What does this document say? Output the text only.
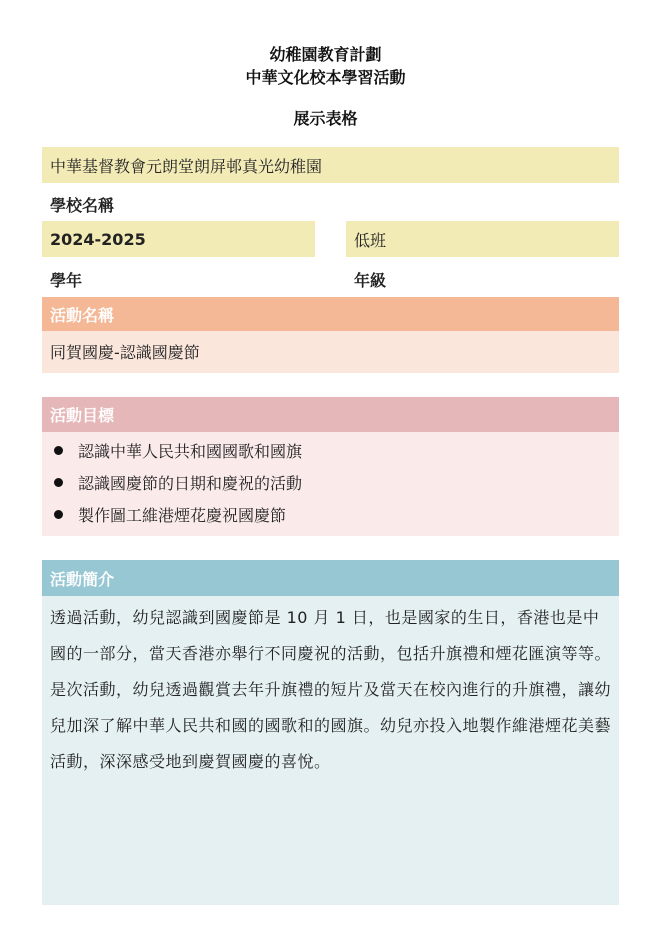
幼稚園教育計劃
中華文化校本學習活動
展示表格
中華基督教會元朗堂朗屏邨真光幼稚園
學校名稱
2024-2025	低班
學年	年級
活動名稱
同賀國慶-認識國慶節
活動目標
認識中華人民共和國國歌和國旗
認識國慶節的日期和慶祝的活動
製作圖工維港煙花慶祝國慶節
活動簡介
透過活動，幼兒認識到國慶節是 10 月 1 日，也是國家的生日，香港也是中國的一部分，當天香港亦舉行不同慶祝的活動，包括升旗禮和煙花匯演等等。是次活動，幼兒透過觀賞去年升旗禮的短片及當天在校內進行的升旗禮，讓幼兒加深了解中華人民共和國的國歌和的國旗。幼兒亦投入地製作維港煙花美藝活動，深深感受地到慶賀國慶的喜悅。
